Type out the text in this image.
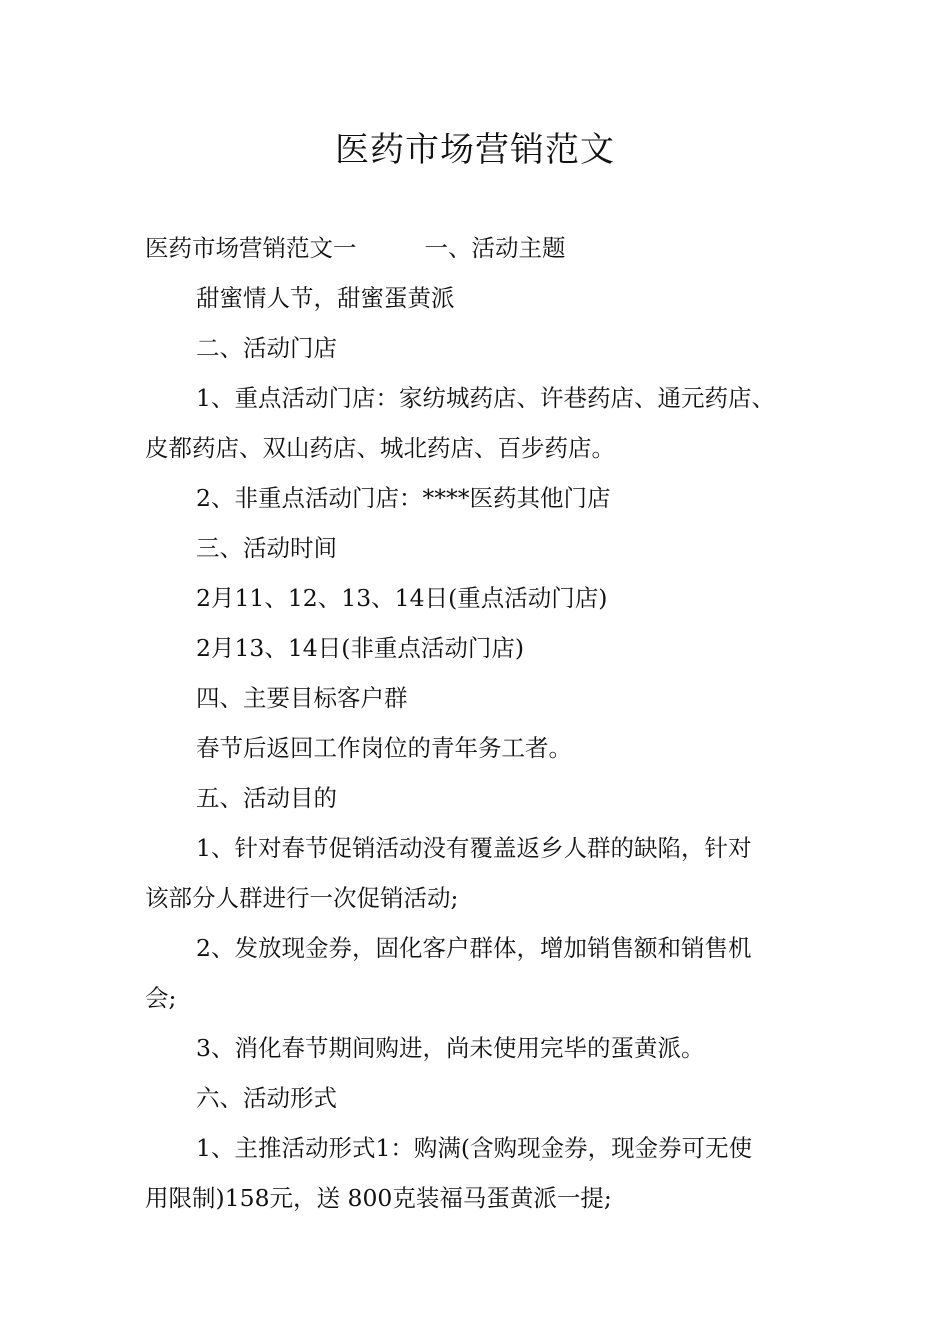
医药市场营销范文
医药市场营销范文一	一、活动主题
甜蜜情人节，甜蜜蛋黄派
二、活动门店
1、重点活动门店：家纺城药店、许巷药店、通元药店、
皮都药店、双山药店、城北药店、百步药店。
2、非重点活动门店：****医药其他门店
三、活动时间
2月11、12、13、14日(重点活动门店)
2月13、14日(非重点活动门店)
四、主要目标客户群
春节后返回工作岗位的青年务工者。
五、活动目的
1、针对春节促销活动没有覆盖返乡人群的缺陷，针对
该部分人群进行一次促销活动;
2、发放现金券，固化客户群体，增加销售额和销售机
会;
3、消化春节期间购进，尚未使用完毕的蛋黄派。
六、活动形式
1、主推活动形式1：购满(含购现金券，现金券可无使
用限制)158元，送 800克装福马蛋黄派一提;
